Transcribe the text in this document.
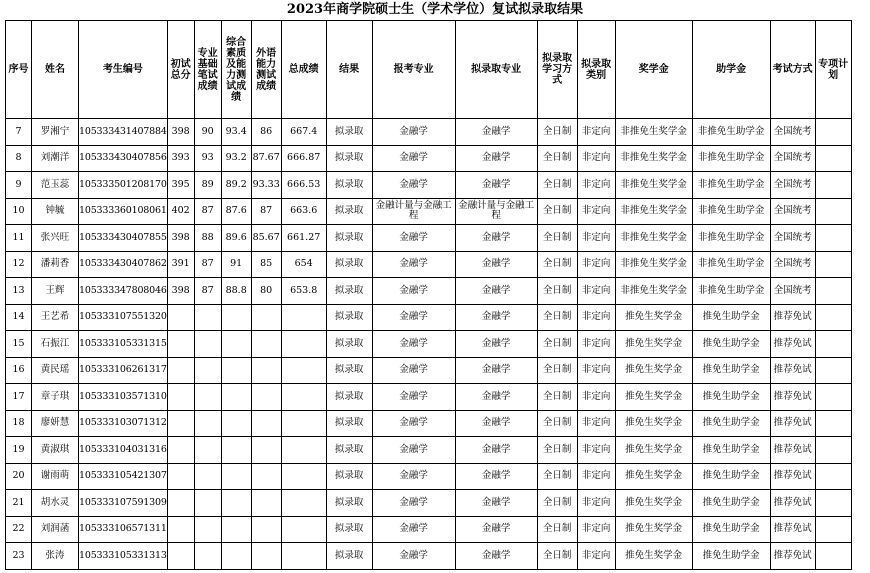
2023年商学院硕士生（学术学位）复试拟录取结果
序号	姓名	考生编号	初试总分	专业基础笔试成绩	综合素质及能力测试成绩	外语能力测试成绩	总成绩	结果	报考专业	拟录取专业	拟录取学习方式	拟录取类别	奖学金	助学金	考试方式	专项计划
7	罗湘宁	105333431407884	398	90	93.4	86	667.4	拟录取	金融学	金融学	全日制	非定向	非推免生奖学金	非推免生助学金	全国统考	
8	刘潮洋	105333430407856	393	93	93.2	87.67	666.87	拟录取	金融学	金融学	全日制	非定向	非推免生奖学金	非推免生助学金	全国统考	
9	范玉蕊	105333501208170	395	89	89.2	93.33	666.53	拟录取	金融学	金融学	全日制	非定向	非推免生奖学金	非推免生助学金	全国统考	
10	钟毓	105333360108061	402	87	87.6	87	663.6	拟录取	金融计量与金融工程	金融计量与金融工程	全日制	非定向	非推免生奖学金	非推免生助学金	全国统考	
11	张兴旺	105333430407855	398	88	89.6	85.67	661.27	拟录取	金融学	金融学	全日制	非定向	非推免生奖学金	非推免生助学金	全国统考	
12	潘莉香	105333430407862	391	87	91	85	654	拟录取	金融学	金融学	全日制	非定向	非推免生奖学金	非推免生助学金	全国统考	
13	王辉	105333347808046	398	87	88.8	80	653.8	拟录取	金融学	金融学	全日制	非定向	非推免生奖学金	非推免生助学金	全国统考	
14	王艺希	105333107551320						拟录取	金融学	金融学	全日制	非定向	推免生奖学金	推免生助学金	推荐免试	
15	石振江	105333105331315						拟录取	金融学	金融学	全日制	非定向	推免生奖学金	推免生助学金	推荐免试	
16	黄民瑶	105333106261317						拟录取	金融学	金融学	全日制	非定向	推免生奖学金	推免生助学金	推荐免试	
17	章子琪	105333103571310						拟录取	金融学	金融学	全日制	非定向	推免生奖学金	推免生助学金	推荐免试	
18	廖妍慧	105333103071312						拟录取	金融学	金融学	全日制	非定向	推免生奖学金	推免生助学金	推荐免试	
19	黄淑琪	105333104031316						拟录取	金融学	金融学	全日制	非定向	推免生奖学金	推免生助学金	推荐免试	
20	谢雨萌	105333105421307						拟录取	金融学	金融学	全日制	非定向	推免生奖学金	推免生助学金	推荐免试	
21	胡水灵	105333107591309						拟录取	金融学	金融学	全日制	非定向	推免生奖学金	推免生助学金	推荐免试	
22	刘润菡	105333106571311						拟录取	金融学	金融学	全日制	非定向	推免生奖学金	推免生助学金	推荐免试	
23	张涛	105333105331313						拟录取	金融学	金融学	全日制	非定向	推免生奖学金	推免生助学金	推荐免试	
